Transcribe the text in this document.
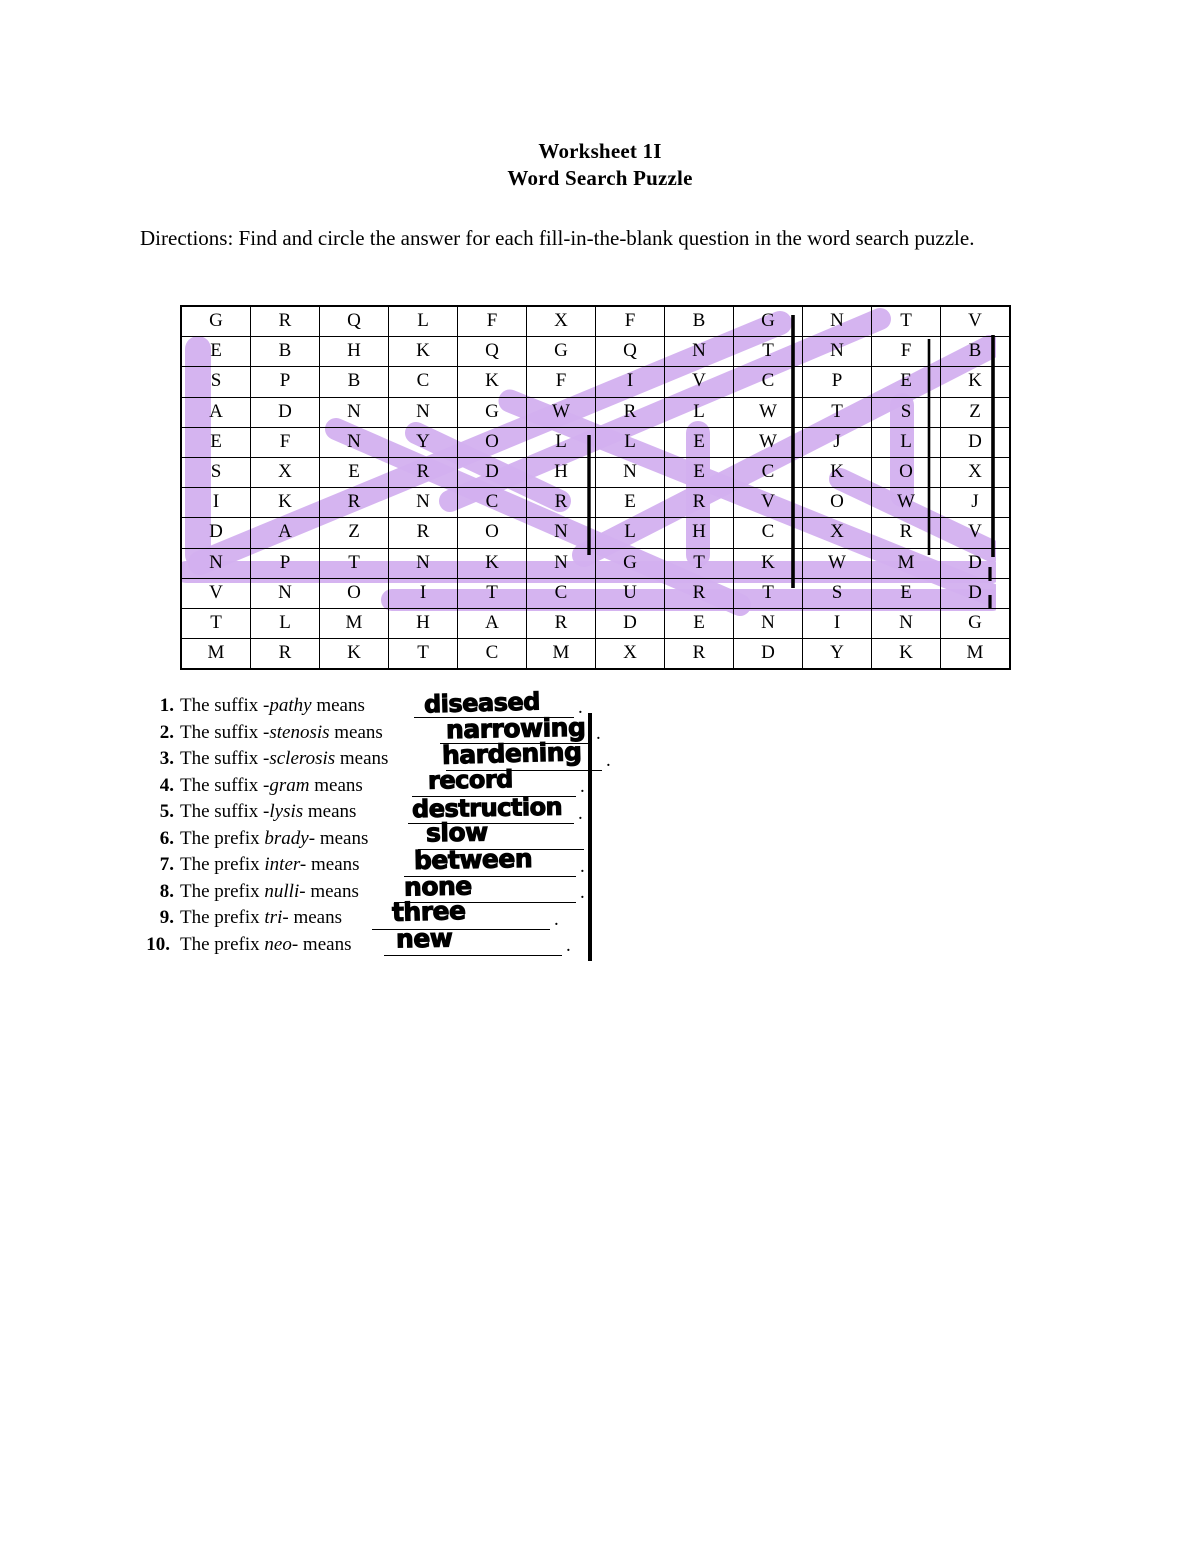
Worksheet 1I
Word Search Puzzle
Directions: Find and circle the answer for each fill-in-the-blank question in the word search puzzle.
G	R	Q	L	F	X	F	B	G	N	T	V
E	B	H	K	Q	G	Q	N	T	N	F	B
S	P	B	C	K	F	I	V	C	P	E	K
A	D	N	N	G	W	R	L	W	T	S	Z
E	F	N	Y	O	L	L	E	W	J	L	D
S	X	E	R	D	H	N	E	C	K	O	X
I	K	R	N	C	R	E	R	V	O	W	J
D	A	Z	R	O	N	L	H	C	X	R	V
N	P	T	N	K	N	G	T	K	W	M	D
V	N	O	I	T	C	U	R	T	S	E	D
T	L	M	H	A	R	D	E	N	I	N	G
M	R	K	T	C	M	X	R	D	Y	K	M
1. The suffix -pathy means	.
diseased
2. The suffix -stenosis means	.
narrowing
3. The suffix -sclerosis means	.
hardening
4. The suffix -gram means	.
record
5. The suffix -lysis means	.
destruction
6. The prefix brady- means slow
7. The prefix inter- means	.
between
8. The prefix nulli- means	.
none
9. The prefix tri- means	.
three
10. The prefix neo- means	.
new
